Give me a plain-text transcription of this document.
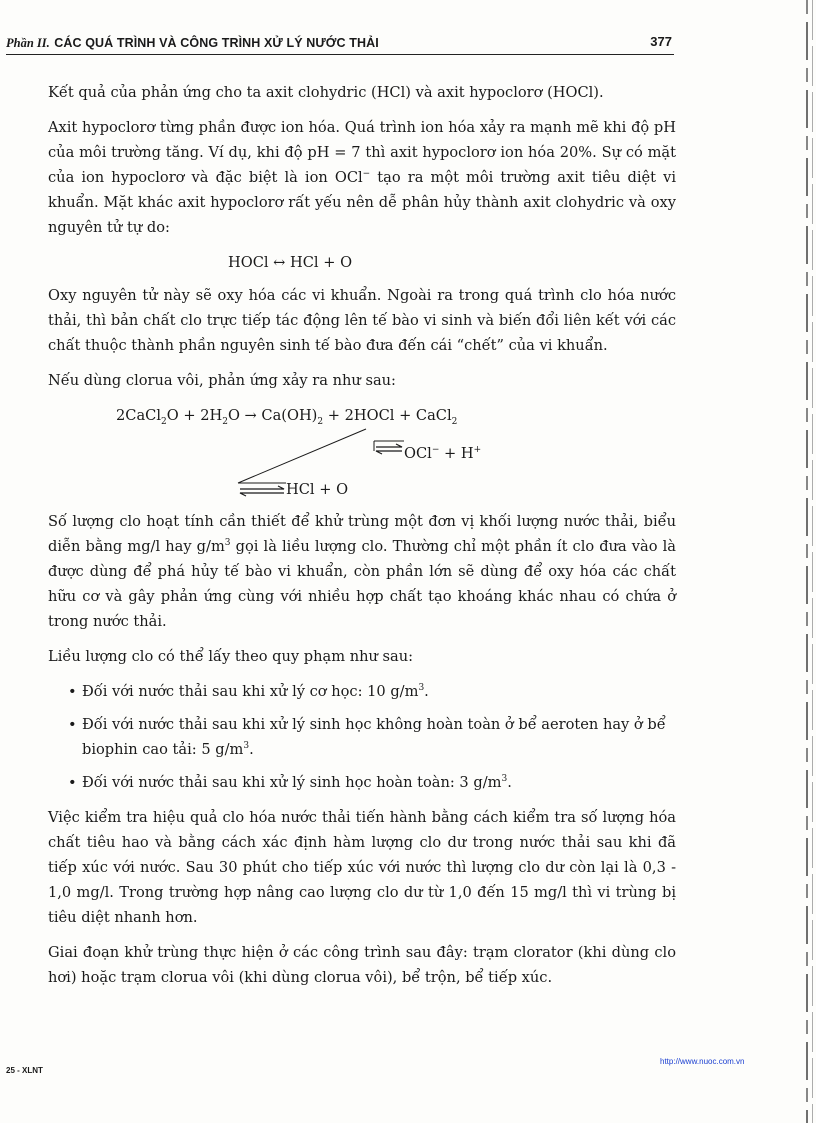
Phần II. CÁC QUÁ TRÌNH VÀ CÔNG TRÌNH XỬ LÝ NƯỚC THẢI	377

Kết quả của phản ứng cho ta axit clohydric (HCl) và axit hypoclorơ (HOCl).

Axit hypoclorơ từng phần được ion hóa. Quá trình ion hóa xảy ra mạnh mẽ khi độ pH của môi trường tăng. Ví dụ, khi độ pH = 7 thì axit hypoclorơ ion hóa 20%. Sự có mặt của ion hypoclorơ và đặc biệt là ion OCl− tạo ra một môi trường axit tiêu diệt vi khuẩn. Mặt khác axit hypoclorơ rất yếu nên dễ phân hủy thành axit clohydric và oxy nguyên tử tự do:

HOCl ↔ HCl + O

Oxy nguyên tử này sẽ oxy hóa các vi khuẩn. Ngoài ra trong quá trình clo hóa nước thải, thì bản chất clo trực tiếp tác động lên tế bào vi sinh và biến đổi liên kết với các chất thuộc thành phần nguyên sinh tế bào đưa đến cái “chết” của vi khuẩn.

Nếu dùng clorua vôi, phản ứng xảy ra như sau:

2CaCl$_2$O + $2H_2O \to Ca(OH)_2$ + 2HOCl + CaCl$_2$
OCl− + H+
HCl + O

Số lượng clo hoạt tính cần thiết để khử trùng một đơn vị khối lượng nước thải, biểu diễn bằng mg/l hay $g/m^3$ gọi là liều lượng clo. Thường chỉ một phần ít clo đưa vào là được dùng để phá hủy tế bào vi khuẩn, còn phần lớn sẽ dùng để oxy hóa các chất hữu cơ và gây phản ứng cùng với nhiều hợp chất tạo khoáng khác nhau có chứa ở trong nước thải.

Liều lượng clo có thể lấy theo quy phạm như sau:

• Đối với nước thải sau khi xử lý cơ học: 10 $g/m^3$.
• Đối với nước thải sau khi xử lý sinh học không hoàn toàn ở bể aeroten hay ở bể biophin cao tải: 5 $g/m^3$.
• Đối với nước thải sau khi xử lý sinh học hoàn toàn: 3 $g/m^3$.

Việc kiểm tra hiệu quả clo hóa nước thải tiến hành bằng cách kiểm tra số lượng hóa chất tiêu hao và bằng cách xác định hàm lượng clo dư trong nước thải sau khi đã tiếp xúc với nước. Sau 30 phút cho tiếp xúc với nước thì lượng clo dư còn lại là 0,3 - 1,0 mg/l. Trong trường hợp nâng cao lượng clo dư từ 1,0 đến 15 mg/l thì vi trùng bị tiêu diệt nhanh hơn.

Giai đoạn khử trùng thực hiện ở các công trình sau đây: trạm clorator (khi dùng clo hơi) hoặc trạm clorua vôi (khi dùng clorua vôi), bể trộn, bể tiếp xúc.

25 - XLNT
http://www.nuoc.com.vn
